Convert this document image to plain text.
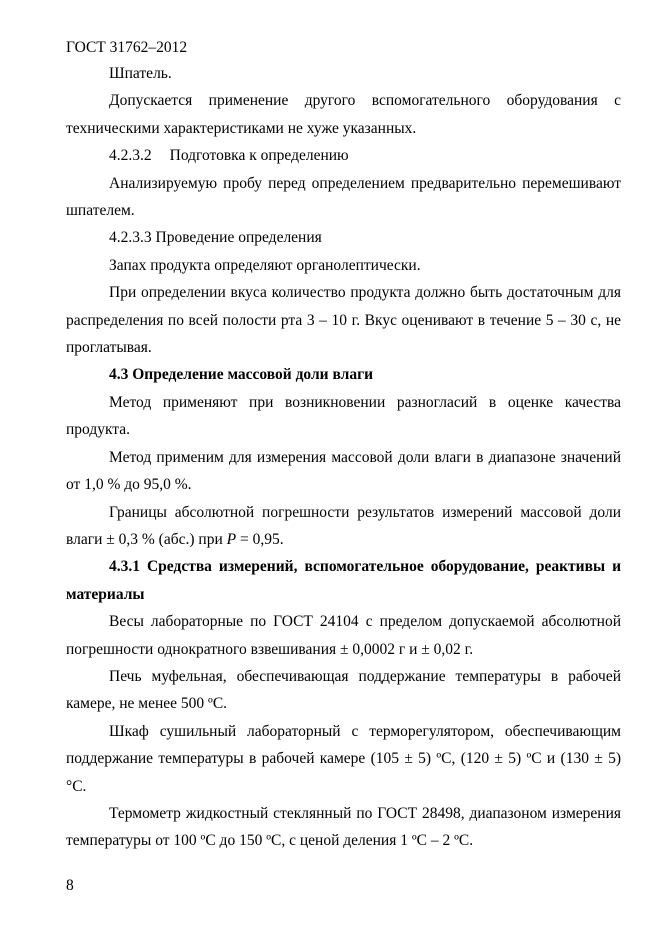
ГОСТ 31762–2012

Шпатель.

Допускается применение другого вспомогательного оборудования с техническими характеристиками не хуже указанных.

4.2.3.2 Подготовка к определению

Анализируемую пробу перед определением предварительно перемешивают шпателем.

4.2.3.3 Проведение определения

Запах продукта определяют органолептически.

При определении вкуса количество продукта должно быть достаточным для распределения по всей полости рта 3 – 10 г. Вкус оценивают в течение 5 – 30 с, не проглатывая.

4.3 Определение массовой доли влаги

Метод применяют при возникновении разногласий в оценке качества продукта.

Метод применим для измерения массовой доли влаги в диапазоне значений от 1,0 % до 95,0 %.

Границы абсолютной погрешности результатов измерений массовой доли влаги ± 0,3 % (абс.) при P = 0,95.

4.3.1 Средства измерений, вспомогательное оборудование, реактивы и материалы

Весы лабораторные по ГОСТ 24104 с пределом допускаемой абсолютной погрешности однократного взвешивания ± 0,0002 г и ± 0,02 г.

Печь муфельная, обеспечивающая поддержание температуры в рабочей камере, не менее 500 ºС.

Шкаф сушильный лабораторный с терморегулятором, обеспечивающим поддержание температуры в рабочей камере (105 ± 5) ºС, (120 ± 5) ºС и (130 ± 5) °С.

Термометр жидкостный стеклянный по ГОСТ 28498, диапазоном измерения температуры от 100 ºС до 150 ºС, с ценой деления 1 ºС – 2 ºС.

8
